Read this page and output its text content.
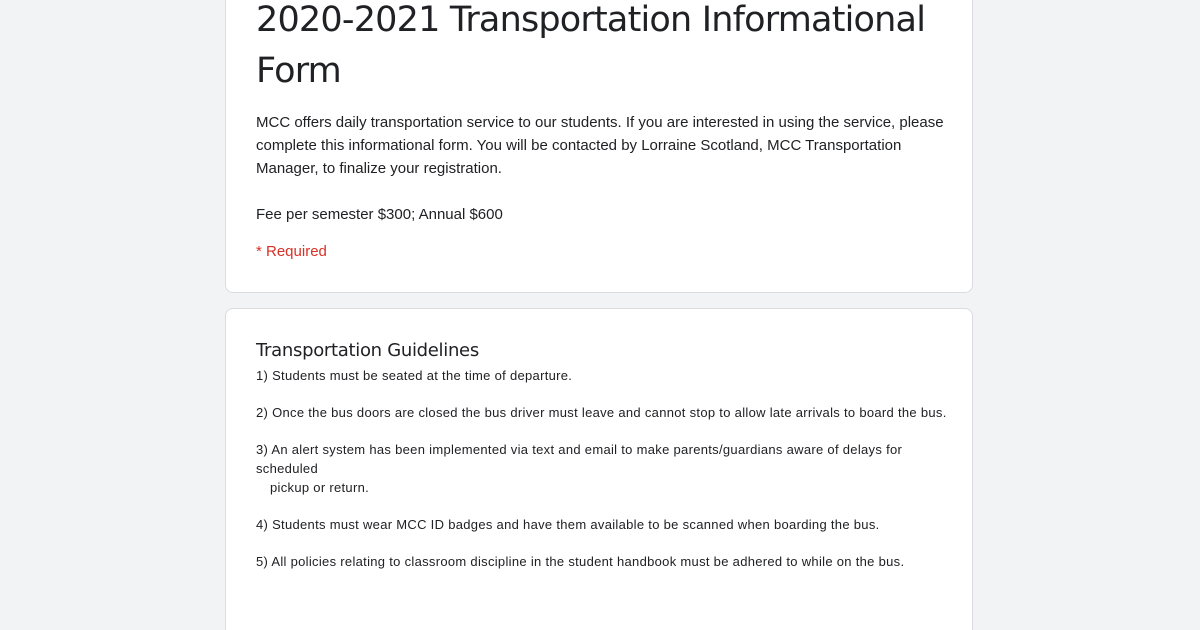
2020-2021 Transportation Informational Form

MCC offers daily transportation service to our students. If you are interested in using the service, please complete this informational form. You will be contacted by Lorraine Scotland, MCC Transportation Manager, to finalize your registration.

Fee per semester $300; Annual $600

* Required

Transportation Guidelines

1) Students must be seated at the time of departure.

2) Once the bus doors are closed the bus driver must leave and cannot stop to allow late arrivals to board the bus.

3) An alert system has been implemented via text and email to make parents/guardians aware of delays for scheduled
pickup or return.

4) Students must wear MCC ID badges and have them available to be scanned when boarding the bus.

5) All policies relating to classroom discipline in the student handbook must be adhered to while on the bus.
